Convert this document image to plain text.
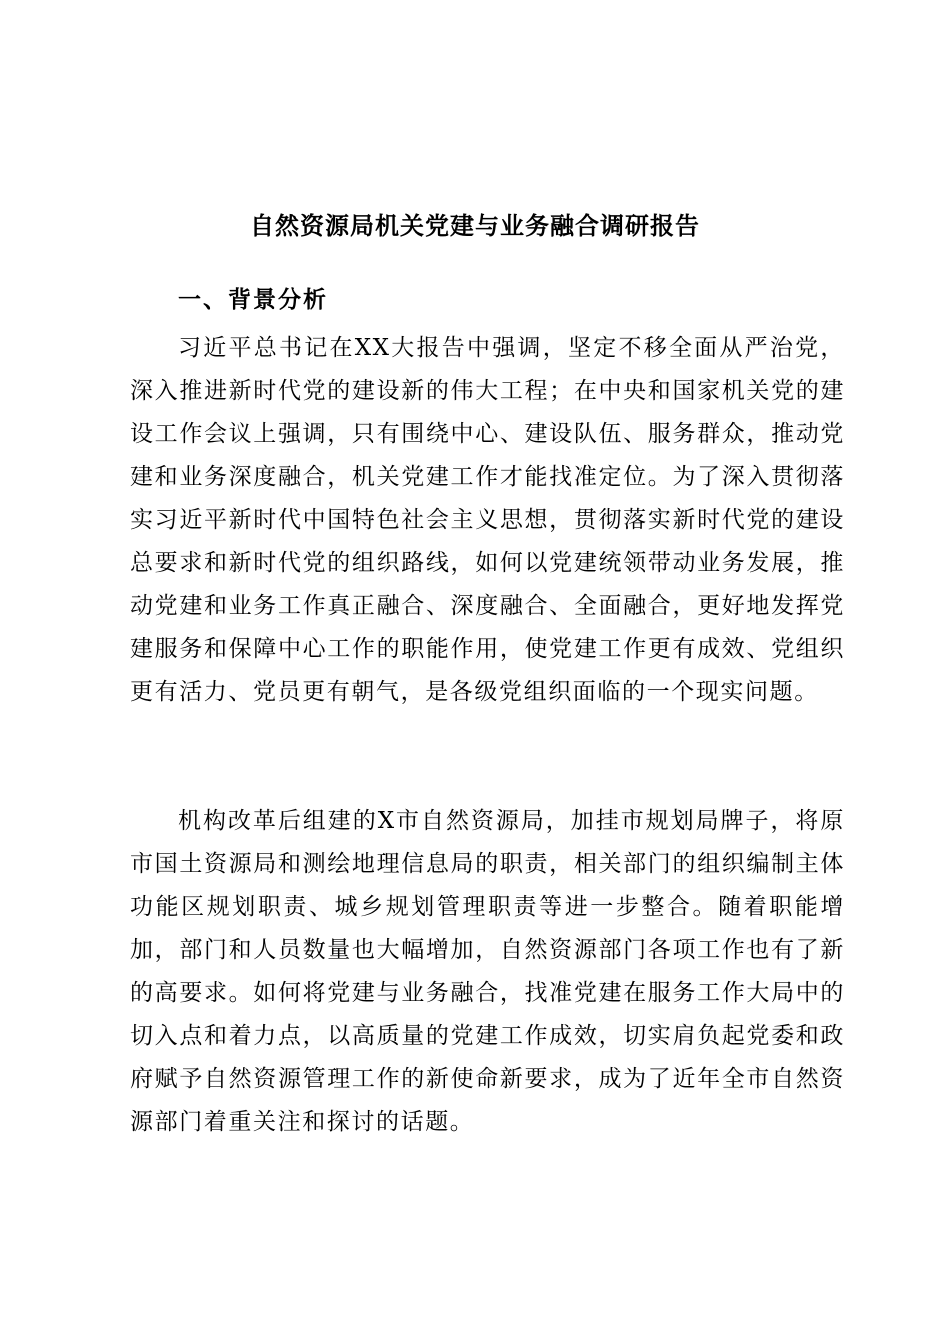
自然资源局机关党建与业务融合调研报告
一、背景分析

习近平总书记在XX大报告中强调，坚定不移全面从严治党，深入推进新时代党的建设新的伟大工程；在中央和国家机关党的建设工作会议上强调，只有围绕中心、建设队伍、服务群众，推动党建和业务深度融合，机关党建工作才能找准定位。为了深入贯彻落实习近平新时代中国特色社会主义思想，贯彻落实新时代党的建设总要求和新时代党的组织路线，如何以党建统领带动业务发展，推动党建和业务工作真正融合、深度融合、全面融合，更好地发挥党建服务和保障中心工作的职能作用，使党建工作更有成效、党组织更有活力、党员更有朝气，是各级党组织面临的一个现实问题。

机构改革后组建的X市自然资源局，加挂市规划局牌子，将原市国土资源局和测绘地理信息局的职责，相关部门的组织编制主体功能区规划职责、城乡规划管理职责等进一步整合。随着职能增加，部门和人员数量也大幅增加，自然资源部门各项工作也有了新的高要求。如何将党建与业务融合，找准党建在服务工作大局中的切入点和着力点，以高质量的党建工作成效，切实肩负起党委和政府赋予自然资源管理工作的新使命新要求，成为了近年全市自然资源部门着重关注和探讨的话题。
